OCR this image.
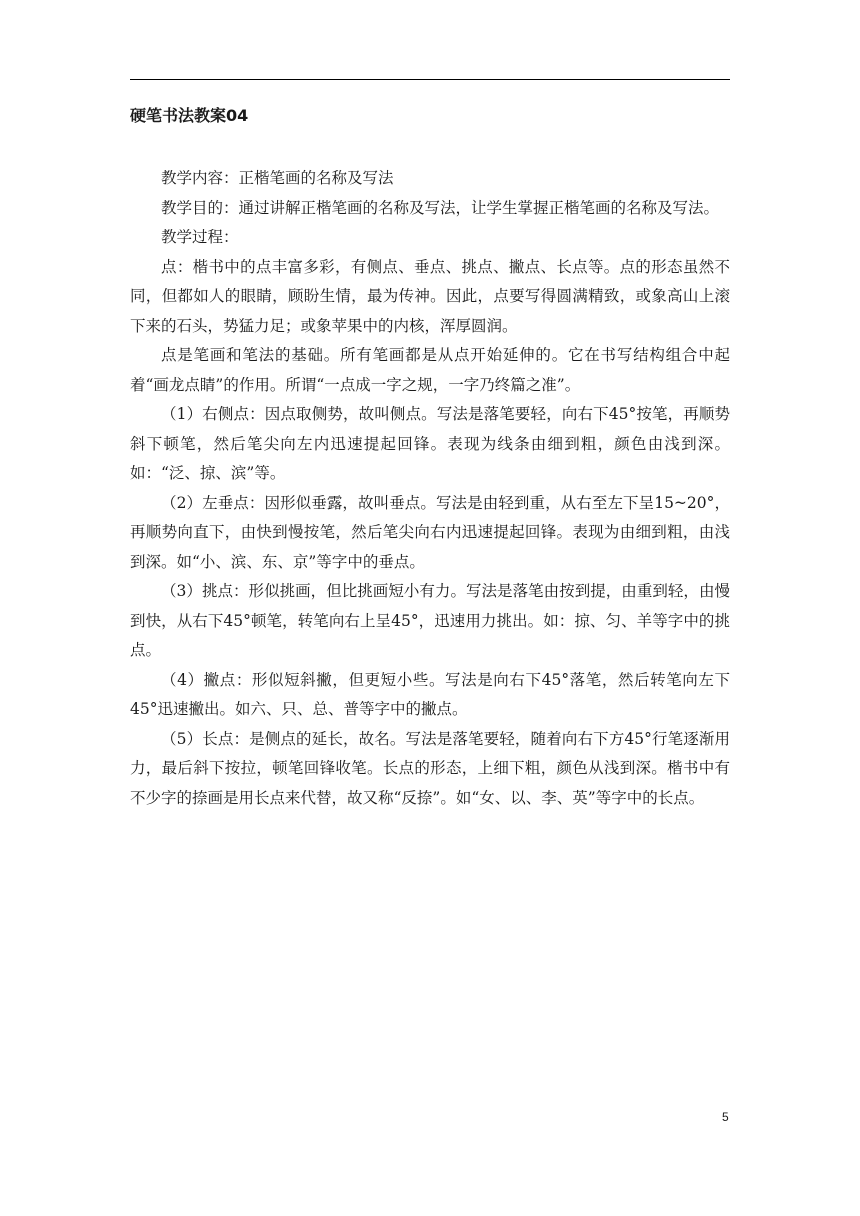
硬笔书法教案04

教学内容：正楷笔画的名称及写法

教学目的：通过讲解正楷笔画的名称及写法，让学生掌握正楷笔画的名称及写法。

教学过程：

点：楷书中的点丰富多彩，有侧点、垂点、挑点、撇点、长点等。点的形态虽然不同，但都如人的眼睛，顾盼生情，最为传神。因此，点要写得圆满精致，或象高山上滚下来的石头，势猛力足；或象苹果中的内核，浑厚圆润。

点是笔画和笔法的基础。所有笔画都是从点开始延伸的。它在书写结构组合中起着“画龙点睛”的作用。所谓“一点成一字之规，一字乃终篇之准”。

（1）右侧点：因点取侧势，故叫侧点。写法是落笔要轻，向右下45°按笔，再顺势斜下顿笔，然后笔尖向左内迅速提起回锋。表现为线条由细到粗，颜色由浅到深。如：“泛、掠、滨”等。

（2）左垂点：因形似垂露，故叫垂点。写法是由轻到重，从右至左下呈15~20°，再顺势向直下，由快到慢按笔，然后笔尖向右内迅速提起回锋。表现为由细到粗，由浅到深。如“小、滨、东、京”等字中的垂点。

（3）挑点：形似挑画，但比挑画短小有力。写法是落笔由按到提，由重到轻，由慢到快，从右下45°顿笔，转笔向右上呈45°，迅速用力挑出。如：掠、匀、羊等字中的挑点。

（4）撇点：形似短斜撇，但更短小些。写法是向右下45°落笔，然后转笔向左下45°迅速撇出。如六、只、总、普等字中的撇点。

（5）长点：是侧点的延长，故名。写法是落笔要轻，随着向右下方45°行笔逐渐用力，最后斜下按拉，顿笔回锋收笔。长点的形态，上细下粗，颜色从浅到深。楷书中有不少字的捺画是用长点来代替，故又称“反捺”。如“女、以、李、英”等字中的长点。

5
